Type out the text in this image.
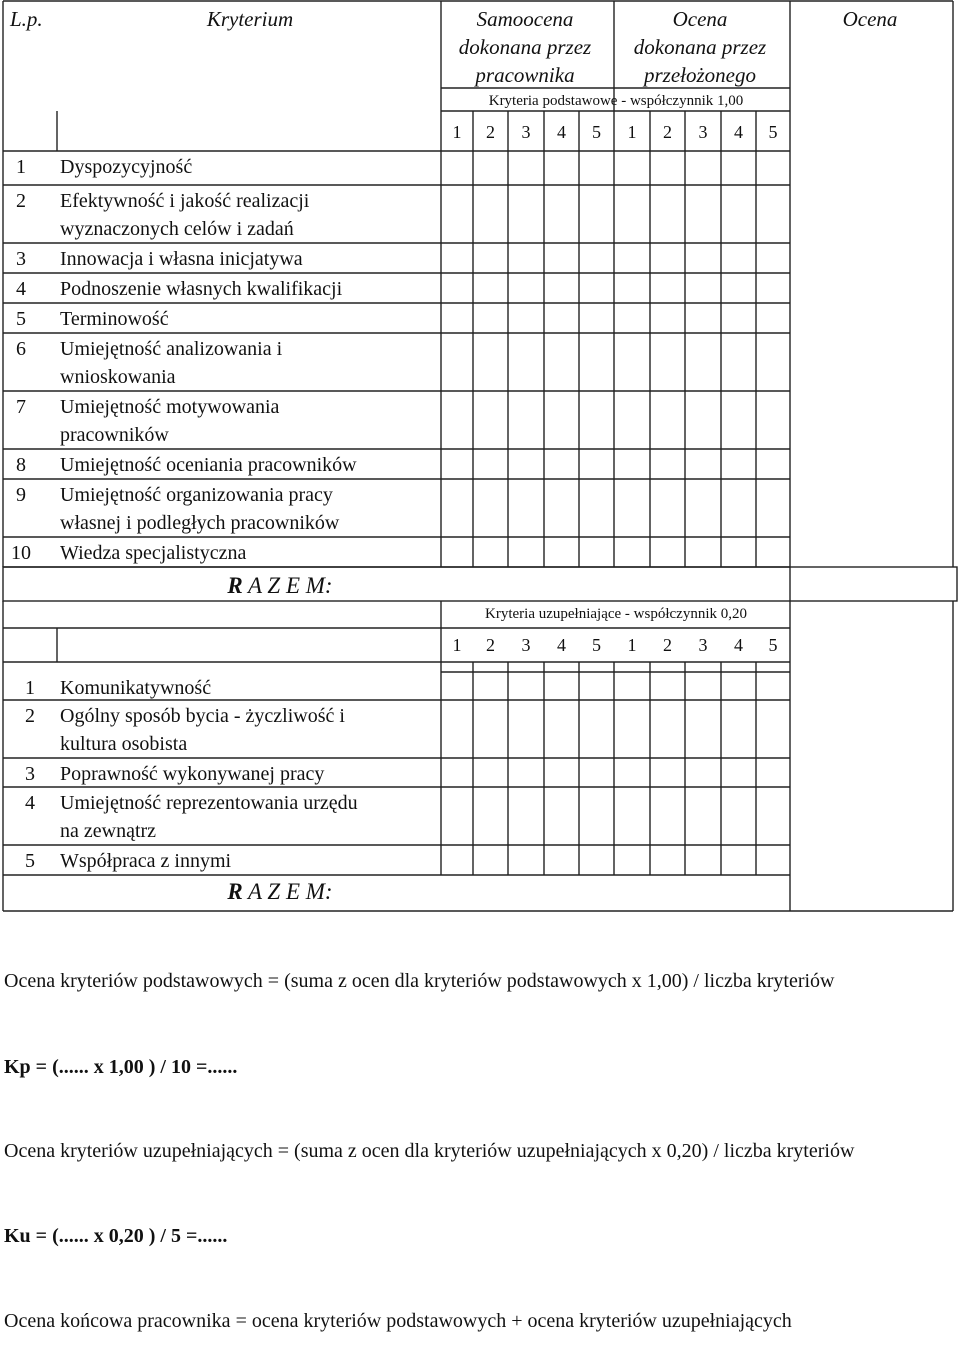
L.p.	Kryterium	Samoocena
dokonana przez
pracownika
Ocena
dokonana przez
przełożonego
Ocena
Kryteria podstawowe - współczynnik 1,00
1 2 3 4 5 1 2 3 4 5
1 Dyspozycyjność
2 Efektywność i jakość realizacji
wyznaczonych celów i zadań
3 Innowacja i własna inicjatywa
4 Podnoszenie własnych kwalifikacji
5 Terminowość
6 Umiejętność analizowania i
wnioskowania
7 Umiejętność motywowania
pracowników
8 Umiejętność oceniania pracowników
9 Umiejętność organizowania pracy
własnej i podległych pracowników
10 Wiedza specjalistyczna
R A Z E M:
Kryteria uzupełniające - współczynnik 0,20
1 2 3 4 5 1 2 3 4 5
1 Komunikatywność
2 Ogólny sposób bycia - życzliwość i
kultura osobista
3 Poprawność wykonywanej pracy
4 Umiejętność reprezentowania urzędu
na zewnątrz
5 Współpraca z innymi
R A Z E M:

Ocena kryteriów podstawowych = (suma z ocen dla kryteriów podstawowych x 1,00) / liczba kryteriów

Kp = (...... x 1,00 ) / 10 =......

Ocena kryteriów uzupełniających = (suma z ocen dla kryteriów uzupełniających x 0,20) / liczba kryteriów

Ku = (...... x 0,20 ) / 5 =......

Ocena końcowa pracownika = ocena kryteriów podstawowych + ocena kryteriów uzupełniających
